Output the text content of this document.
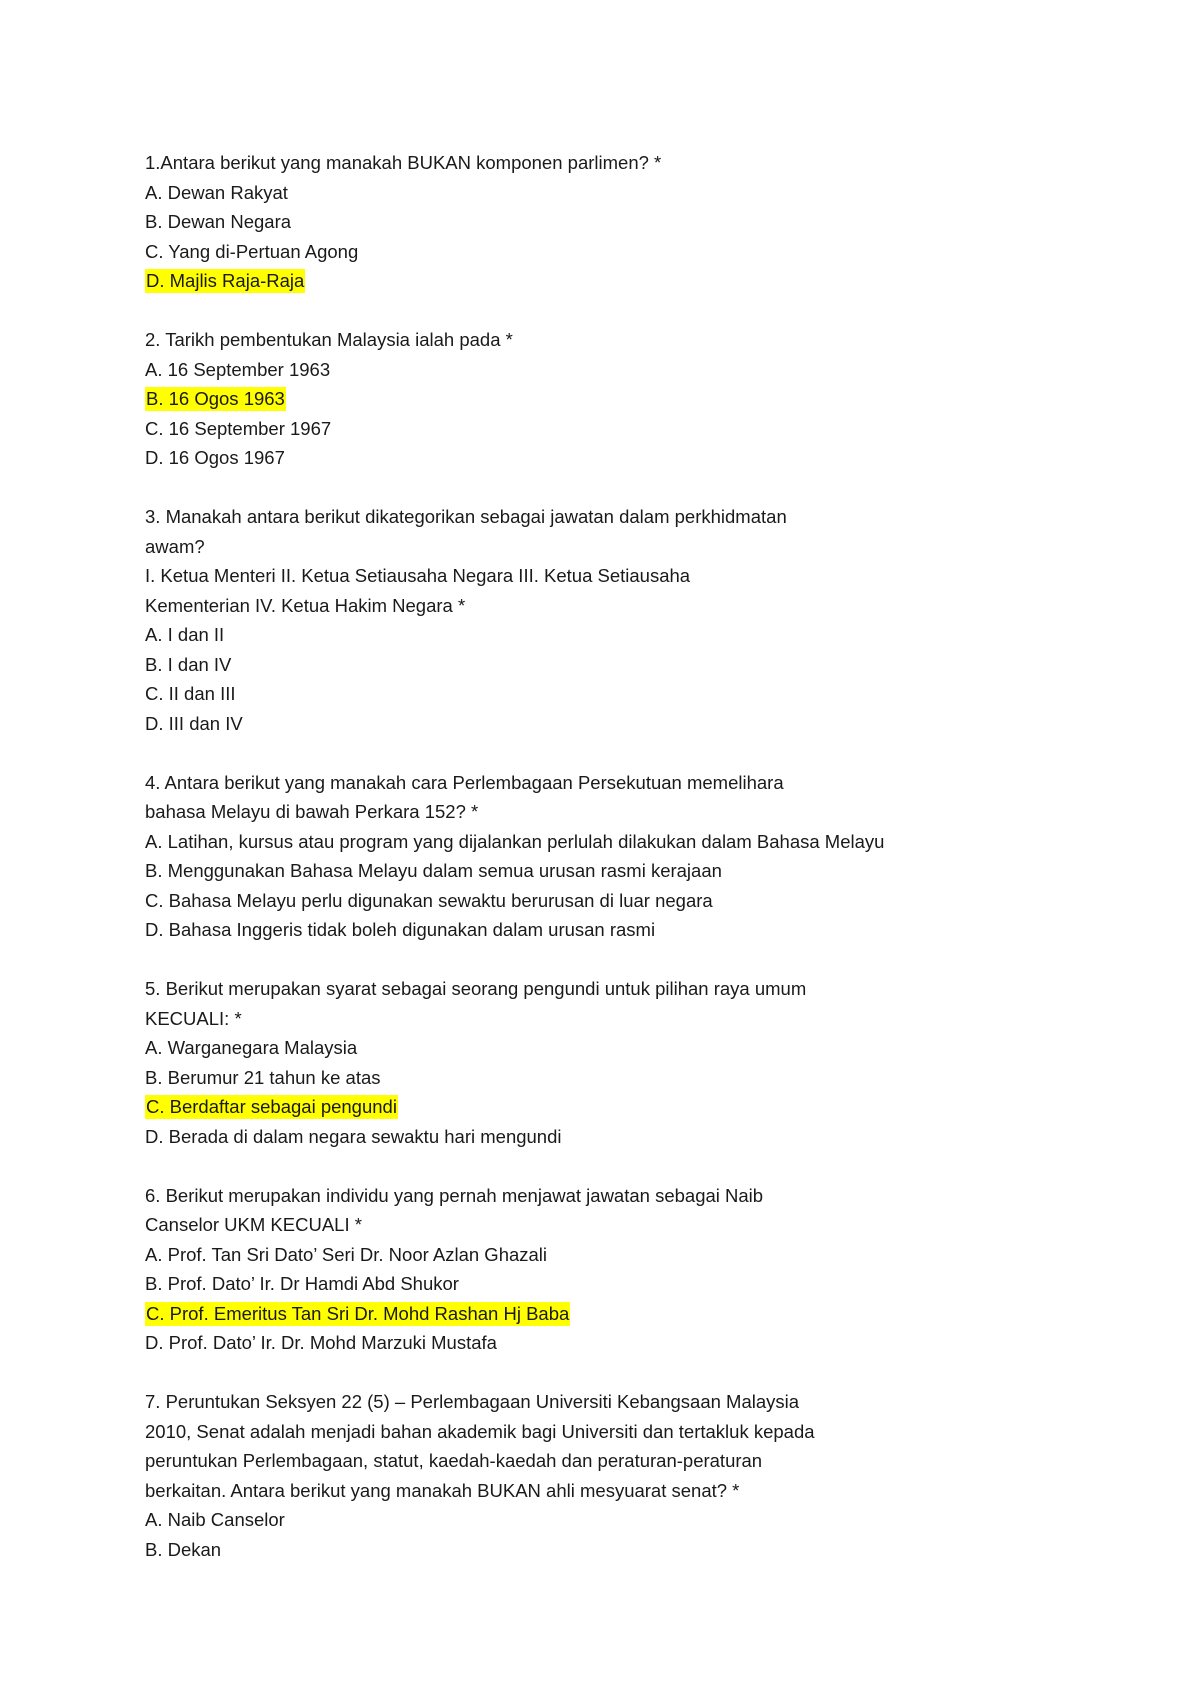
1.Antara berikut yang manakah BUKAN komponen parlimen? *
A. Dewan Rakyat
B. Dewan Negara
C. Yang di-Pertuan Agong
D. Majlis Raja-Raja
2. Tarikh pembentukan Malaysia ialah pada *
A. 16 September 1963
B. 16 Ogos 1963
C. 16 September 1967
D. 16 Ogos 1967
3. Manakah antara berikut dikategorikan sebagai jawatan dalam perkhidmatan
awam?
I. Ketua Menteri II. Ketua Setiausaha Negara III. Ketua Setiausaha
Kementerian IV. Ketua Hakim Negara *
A. I dan II
B. I dan IV
C. II dan III
D. III dan IV
4. Antara berikut yang manakah cara Perlembagaan Persekutuan memelihara
bahasa Melayu di bawah Perkara 152? *
A. Latihan, kursus atau program yang dijalankan perlulah dilakukan dalam Bahasa Melayu
B. Menggunakan Bahasa Melayu dalam semua urusan rasmi kerajaan
C. Bahasa Melayu perlu digunakan sewaktu berurusan di luar negara
D. Bahasa Inggeris tidak boleh digunakan dalam urusan rasmi
5. Berikut merupakan syarat sebagai seorang pengundi untuk pilihan raya umum
KECUALI: *
A. Warganegara Malaysia
B. Berumur 21 tahun ke atas
C. Berdaftar sebagai pengundi
D. Berada di dalam negara sewaktu hari mengundi
6. Berikut merupakan individu yang pernah menjawat jawatan sebagai Naib
Canselor UKM KECUALI *
A. Prof. Tan Sri Dato’ Seri Dr. Noor Azlan Ghazali
B. Prof. Dato’ Ir. Dr Hamdi Abd Shukor
C. Prof. Emeritus Tan Sri Dr. Mohd Rashan Hj Baba
D. Prof. Dato’ Ir. Dr. Mohd Marzuki Mustafa
7. Peruntukan Seksyen 22 (5) – Perlembagaan Universiti Kebangsaan Malaysia
2010, Senat adalah menjadi bahan akademik bagi Universiti dan tertakluk kepada
peruntukan Perlembagaan, statut, kaedah-kaedah dan peraturan-peraturan
berkaitan. Antara berikut yang manakah BUKAN ahli mesyuarat senat? *
A. Naib Canselor
B. Dekan
